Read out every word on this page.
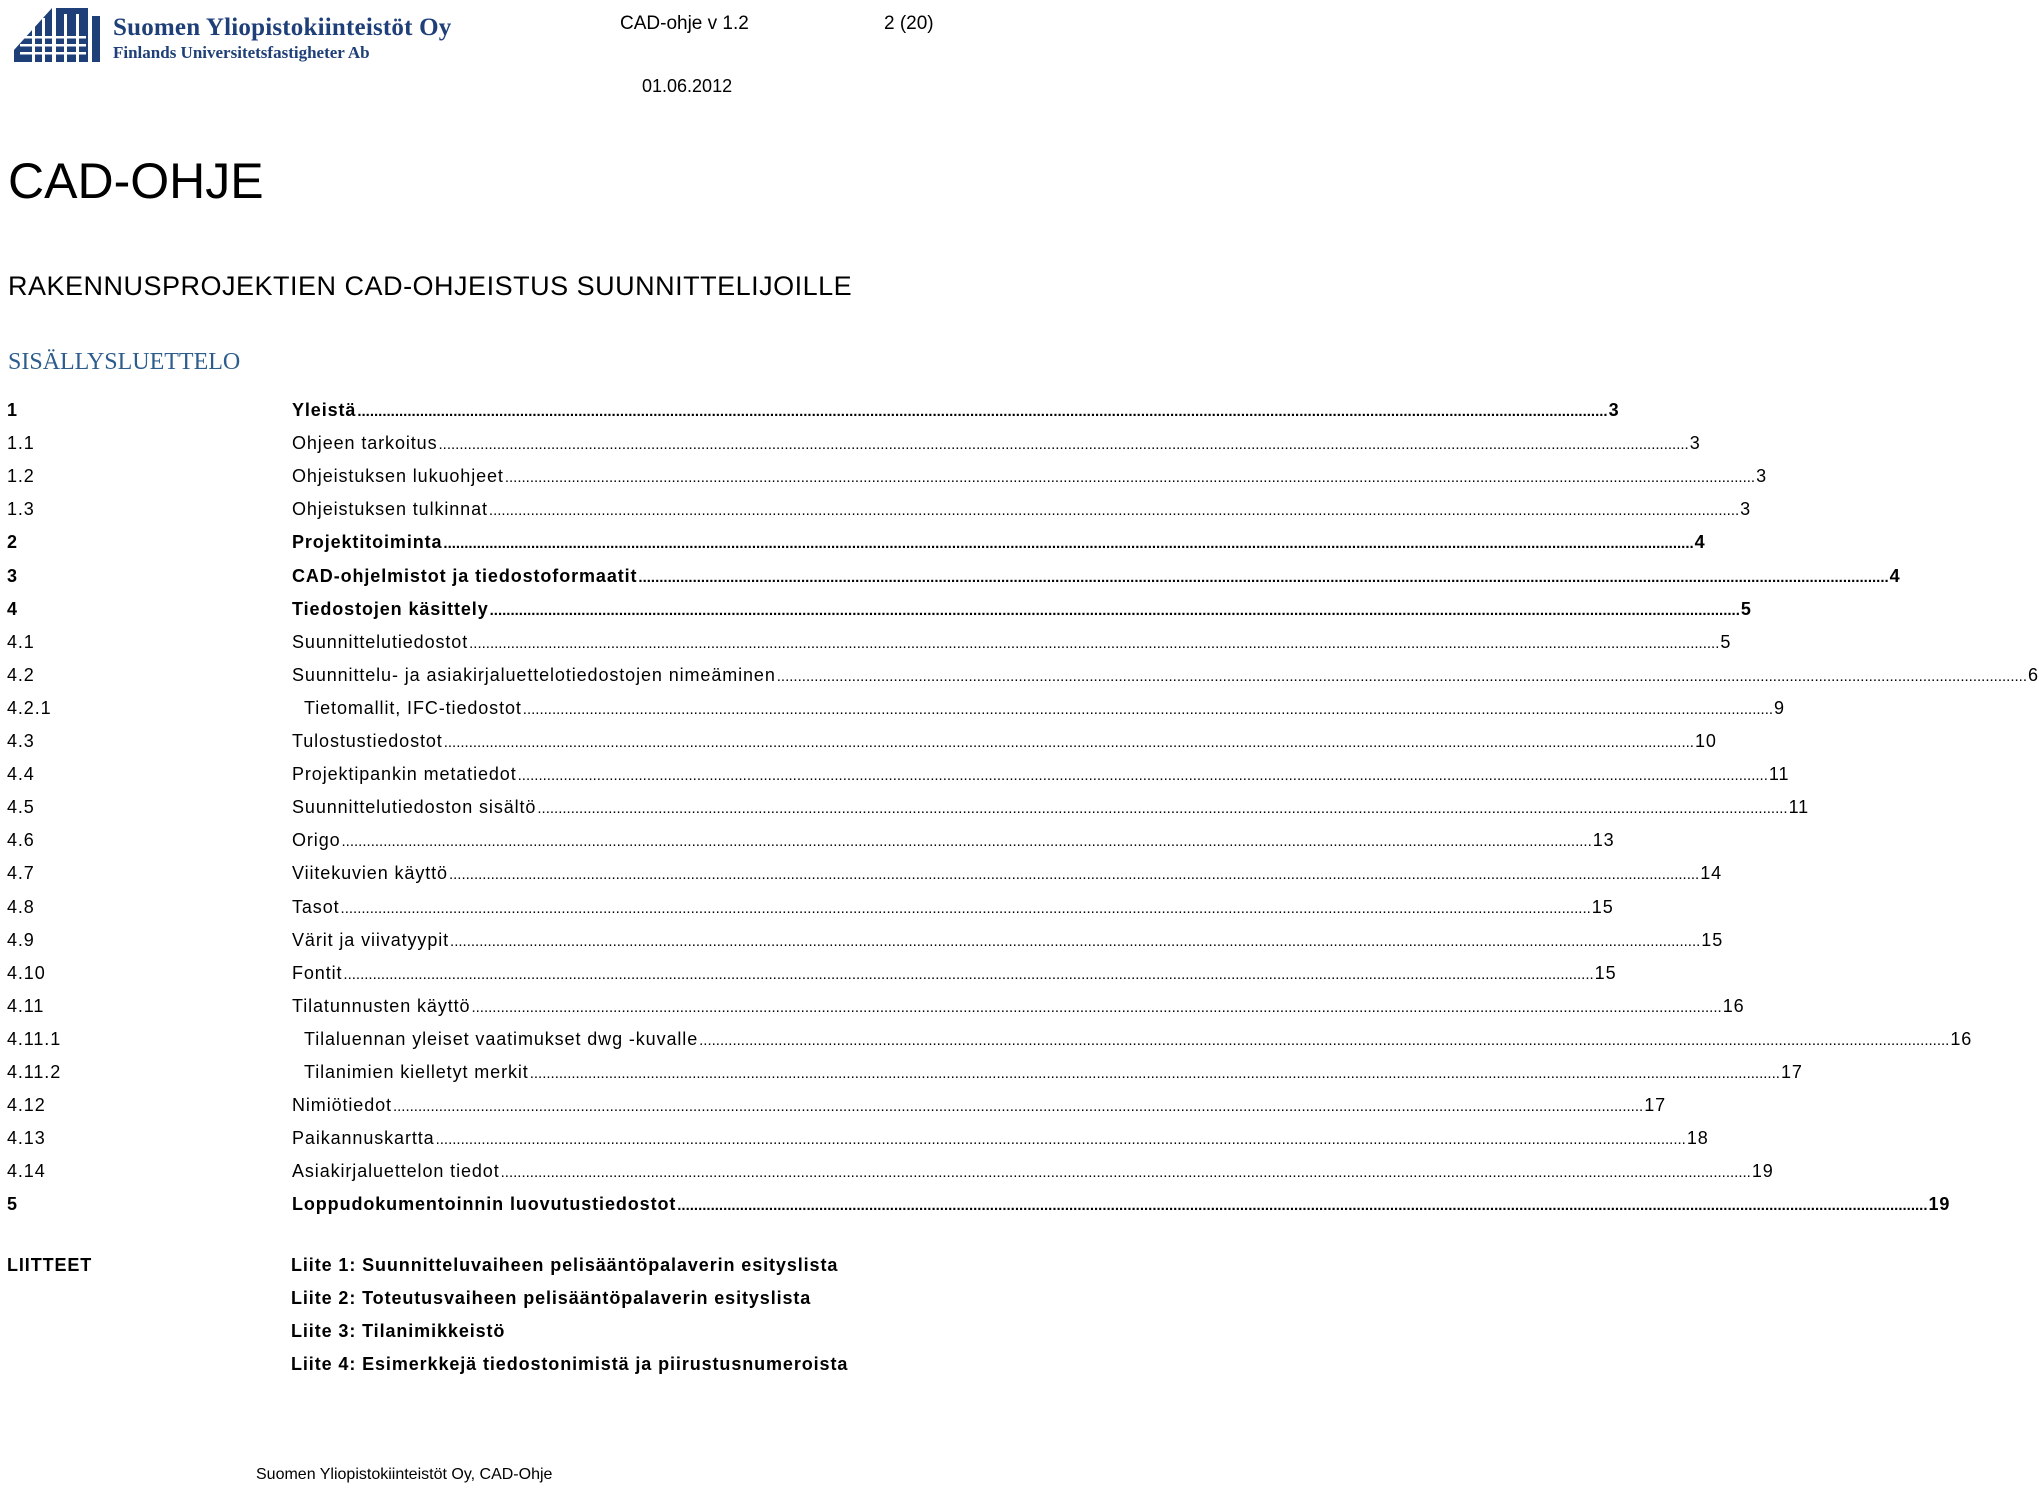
Suomen Yliopistokiinteistöt Oy
Finlands Universitetsfastigheter Ab
CAD-ohje v 1.2	2 (20)
01.06.2012
CAD-OHJE
RAKENNUSPROJEKTIEN CAD-OHJEISTUS SUUNNITTELIJOILLE
SISÄLLYSLUETTELO
1	Yleistä ............................................................................................................................................................................................................................................................................................................ 3
1.1	Ohjeen tarkoitus ............................................................................................................................................................................................................................................................................................................ 3
1.2	Ohjeistuksen lukuohjeet ............................................................................................................................................................................................................................................................................................................ 3
1.3	Ohjeistuksen tulkinnat ............................................................................................................................................................................................................................................................................................................ 3
2	Projektitoiminta ............................................................................................................................................................................................................................................................................................................ 4
3	CAD-ohjelmistot ja tiedostoformaatit ............................................................................................................................................................................................................................................................................................................ 4
4	Tiedostojen käsittely ............................................................................................................................................................................................................................................................................................................ 5
4.1	Suunnittelutiedostot ............................................................................................................................................................................................................................................................................................................ 5
4.2	Suunnittelu- ja asiakirjaluettelotiedostojen nimeäminen ............................................................................................................................................................................................................................................................................................................ 6
4.2.1	Tietomallit, IFC-tiedostot ............................................................................................................................................................................................................................................................................................................ 9
4.3	Tulostustiedostot ............................................................................................................................................................................................................................................................................................................ 10
4.4	Projektipankin metatiedot ............................................................................................................................................................................................................................................................................................................ 11
4.5	Suunnittelutiedoston sisältö ............................................................................................................................................................................................................................................................................................................ 11
4.6	Origo ............................................................................................................................................................................................................................................................................................................ 13
4.7	Viitekuvien käyttö ............................................................................................................................................................................................................................................................................................................ 14
4.8	Tasot ............................................................................................................................................................................................................................................................................................................ 15
4.9	Värit ja viivatyypit ............................................................................................................................................................................................................................................................................................................ 15
4.10	Fontit ............................................................................................................................................................................................................................................................................................................ 15
4.11	Tilatunnusten käyttö ............................................................................................................................................................................................................................................................................................................ 16
4.11.1	Tilaluennan yleiset vaatimukset dwg -kuvalle ............................................................................................................................................................................................................................................................................................................ 16
4.11.2	Tilanimien kielletyt merkit ............................................................................................................................................................................................................................................................................................................ 17
4.12	Nimiötiedot ............................................................................................................................................................................................................................................................................................................ 17
4.13	Paikannuskartta ............................................................................................................................................................................................................................................................................................................ 18
4.14	Asiakirjaluettelon tiedot ............................................................................................................................................................................................................................................................................................................ 19
5	Loppudokumentoinnin luovutustiedostot ............................................................................................................................................................................................................................................................................................................ 19
LIITTEET	Liite 1: Suunnitteluvaiheen pelisääntöpalaverin esityslista
Liite 2: Toteutusvaiheen pelisääntöpalaverin esityslista
Liite 3: Tilanimikkeistö
Liite 4: Esimerkkejä tiedostonimistä ja piirustusnumeroista
Suomen Yliopistokiinteistöt Oy, CAD-Ohje
